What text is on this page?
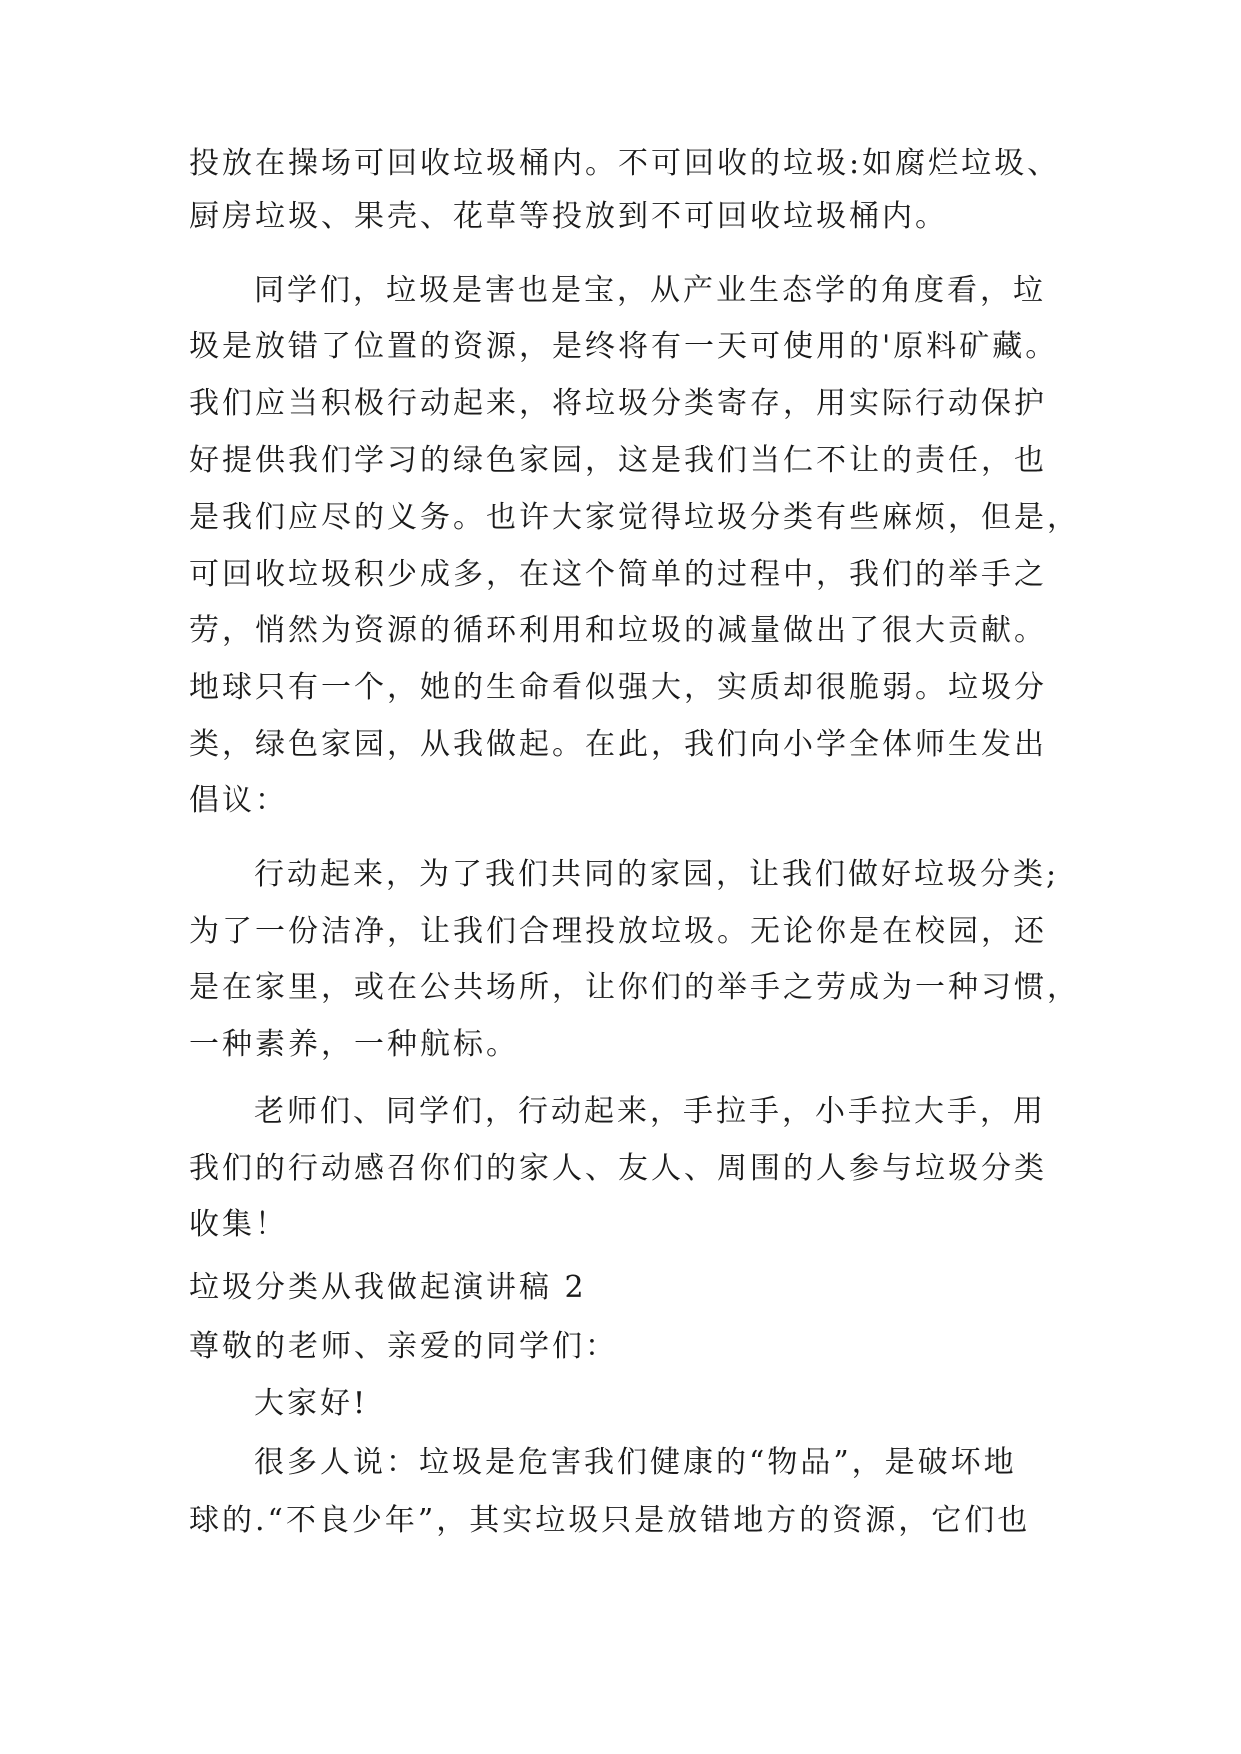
投放在操场可回收垃圾桶内。不可回收的垃圾:如腐烂垃圾、
厨房垃圾、果壳、花草等投放到不可回收垃圾桶内。
同学们，垃圾是害也是宝，从产业生态学的角度看，垃
圾是放错了位置的资源，是终将有一天可使用的'原料矿藏。
我们应当积极行动起来，将垃圾分类寄存，用实际行动保护
好提供我们学习的绿色家园，这是我们当仁不让的责任，也
是我们应尽的义务。也许大家觉得垃圾分类有些麻烦，但是，
可回收垃圾积少成多，在这个简单的过程中，我们的举手之
劳，悄然为资源的循环利用和垃圾的减量做出了很大贡献。
地球只有一个，她的生命看似强大，实质却很脆弱。垃圾分
类，绿色家园，从我做起。在此，我们向小学全体师生发出
倡议：
行动起来，为了我们共同的家园，让我们做好垃圾分类;
为了一份洁净，让我们合理投放垃圾。无论你是在校园，还
是在家里，或在公共场所，让你们的举手之劳成为一种习惯，
一种素养，一种航标。
老师们、同学们，行动起来，手拉手，小手拉大手，用
我们的行动感召你们的家人、友人、周围的人参与垃圾分类
收集！
垃圾分类从我做起演讲稿 2
尊敬的老师、亲爱的同学们：
大家好!
很多人说：垃圾是危害我们健康的“物品”，是破坏地
球的.“不良少年”，其实垃圾只是放错地方的资源，它们也
